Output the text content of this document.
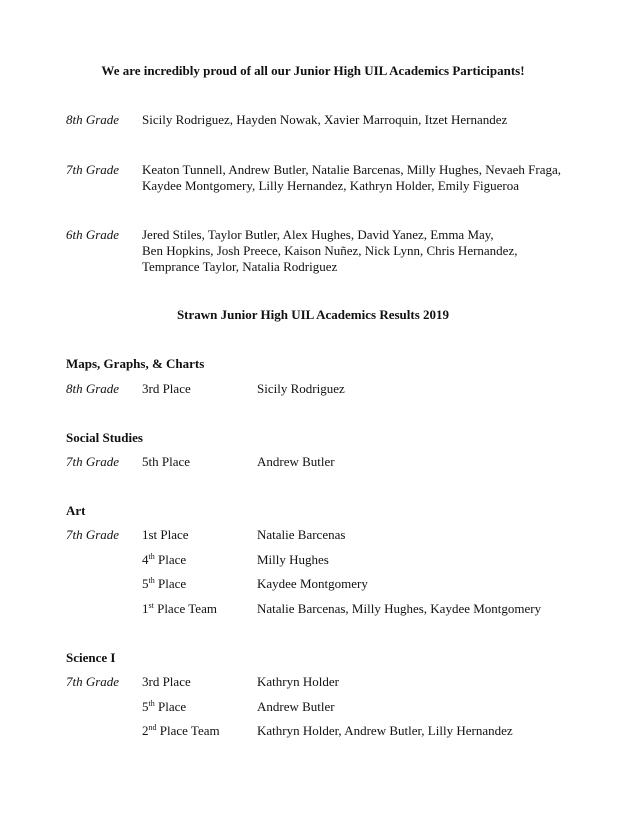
We are incredibly proud of all our Junior High UIL Academics Participants!
8th Grade Sicily Rodriguez, Hayden Nowak, Xavier Marroquin, Itzet Hernandez
7th Grade Keaton Tunnell, Andrew Butler, Natalie Barcenas, Milly Hughes, Nevaeh Fraga,
Kaydee Montgomery, Lilly Hernandez, Kathryn Holder, Emily Figueroa
6th Grade Jered Stiles, Taylor Butler, Alex Hughes, David Yanez, Emma May,
Ben Hopkins, Josh Preece, Kaison Nuñez, Nick Lynn, Chris Hernandez,
Temprance Taylor, Natalia Rodriguez
Strawn Junior High UIL Academics Results 2019
Maps, Graphs, & Charts
8th Grade 3rd Place	Sicily Rodriguez
Social Studies
7th Grade 5th Place	Andrew Butler
Art
7th Grade 1st Place	Natalie Barcenas
4th Place	Milly Hughes
5th Place	Kaydee Montgomery
1st Place Team	Natalie Barcenas, Milly Hughes, Kaydee Montgomery
Science I
7th Grade 3rd Place	Kathryn Holder
5th Place	Andrew Butler
2nd Place Team	Kathryn Holder, Andrew Butler, Lilly Hernandez
